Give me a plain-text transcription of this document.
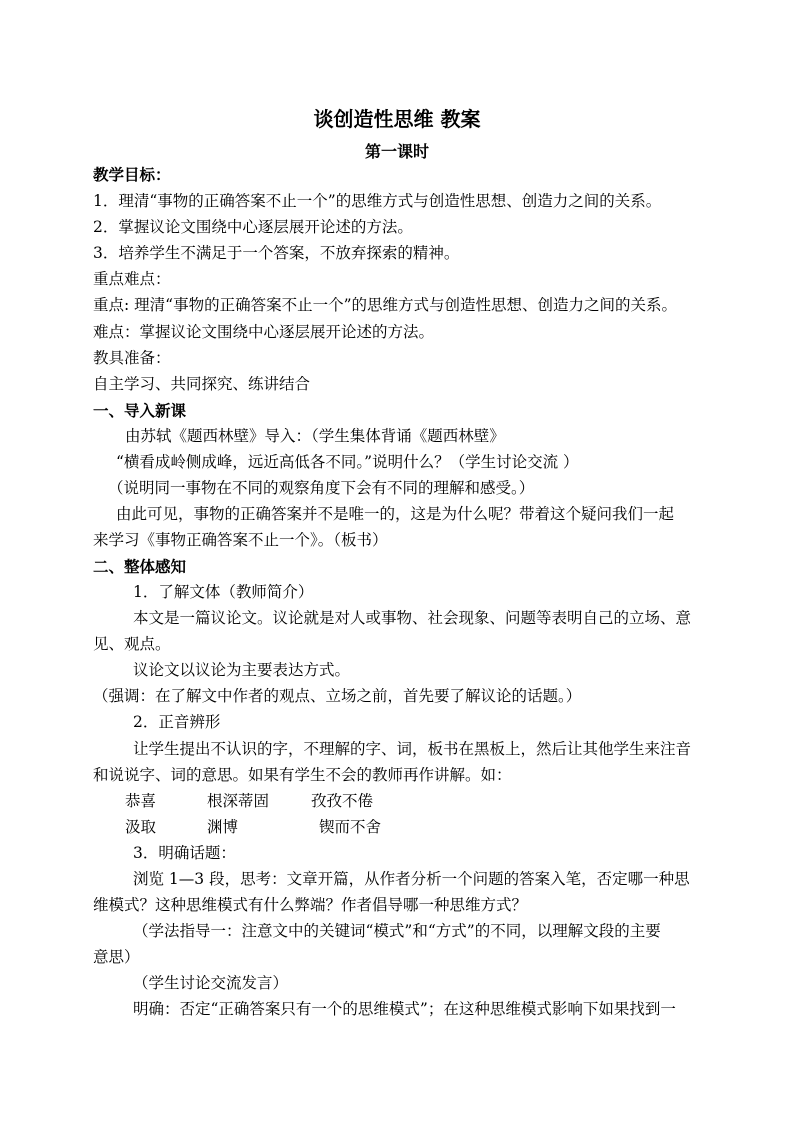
谈创造性思维 教案
第一课时
教学目标：
1．理清“事物的正确答案不止一个”的思维方式与创造性思想、创造力之间的关系。
2．掌握议论文围绕中心逐层展开论述的方法。
3．培养学生不满足于一个答案，不放弃探索的精神。
重点难点：
重点: 理清“事物的正确答案不止一个”的思维方式与创造性思想、创造力之间的关系。
难点：掌握议论文围绕中心逐层展开论述的方法。
教具准备：
自主学习、共同探究、练讲结合
一、导入新课
由苏轼《题西林壁》导入：（学生集体背诵《题西林壁》
“横看成岭侧成峰，远近高低各不同。”说明什么？（学生讨论交流 ）
（说明同一事物在不同的观察角度下会有不同的理解和感受。）
由此可见，事物的正确答案并不是唯一的，这是为什么呢？带着这个疑问我们一起
来学习《事物正确答案不止一个》。（板书）
二、整体感知
1．了解文体（教师简介）
本文是一篇议论文。议论就是对人或事物、社会现象、问题等表明自己的立场、意
见、观点。
议论文以议论为主要表达方式。
（强调：在了解文中作者的观点、立场之前，首先要了解议论的话题。）
2．正音辨形
让学生提出不认识的字，不理解的字、词，板书在黑板上，然后让其他学生来注音
和说说字、词的意思。如果有学生不会的教师再作讲解。如：
恭喜	根深蒂固	孜孜不倦
汲取	渊博	锲而不舍
3．明确话题：
浏览 1—3 段，思考：文章开篇，从作者分析一个问题的答案入笔，否定哪一种思
维模式？这种思维模式有什么弊端？作者倡导哪一种思维方式？
（学法指导一：注意文中的关键词“模式”和“方式”的不同，以理解文段的主要
意思）
（学生讨论交流发言）
明确：否定“正确答案只有一个的思维模式”；在这种思维模式影响下如果找到一
